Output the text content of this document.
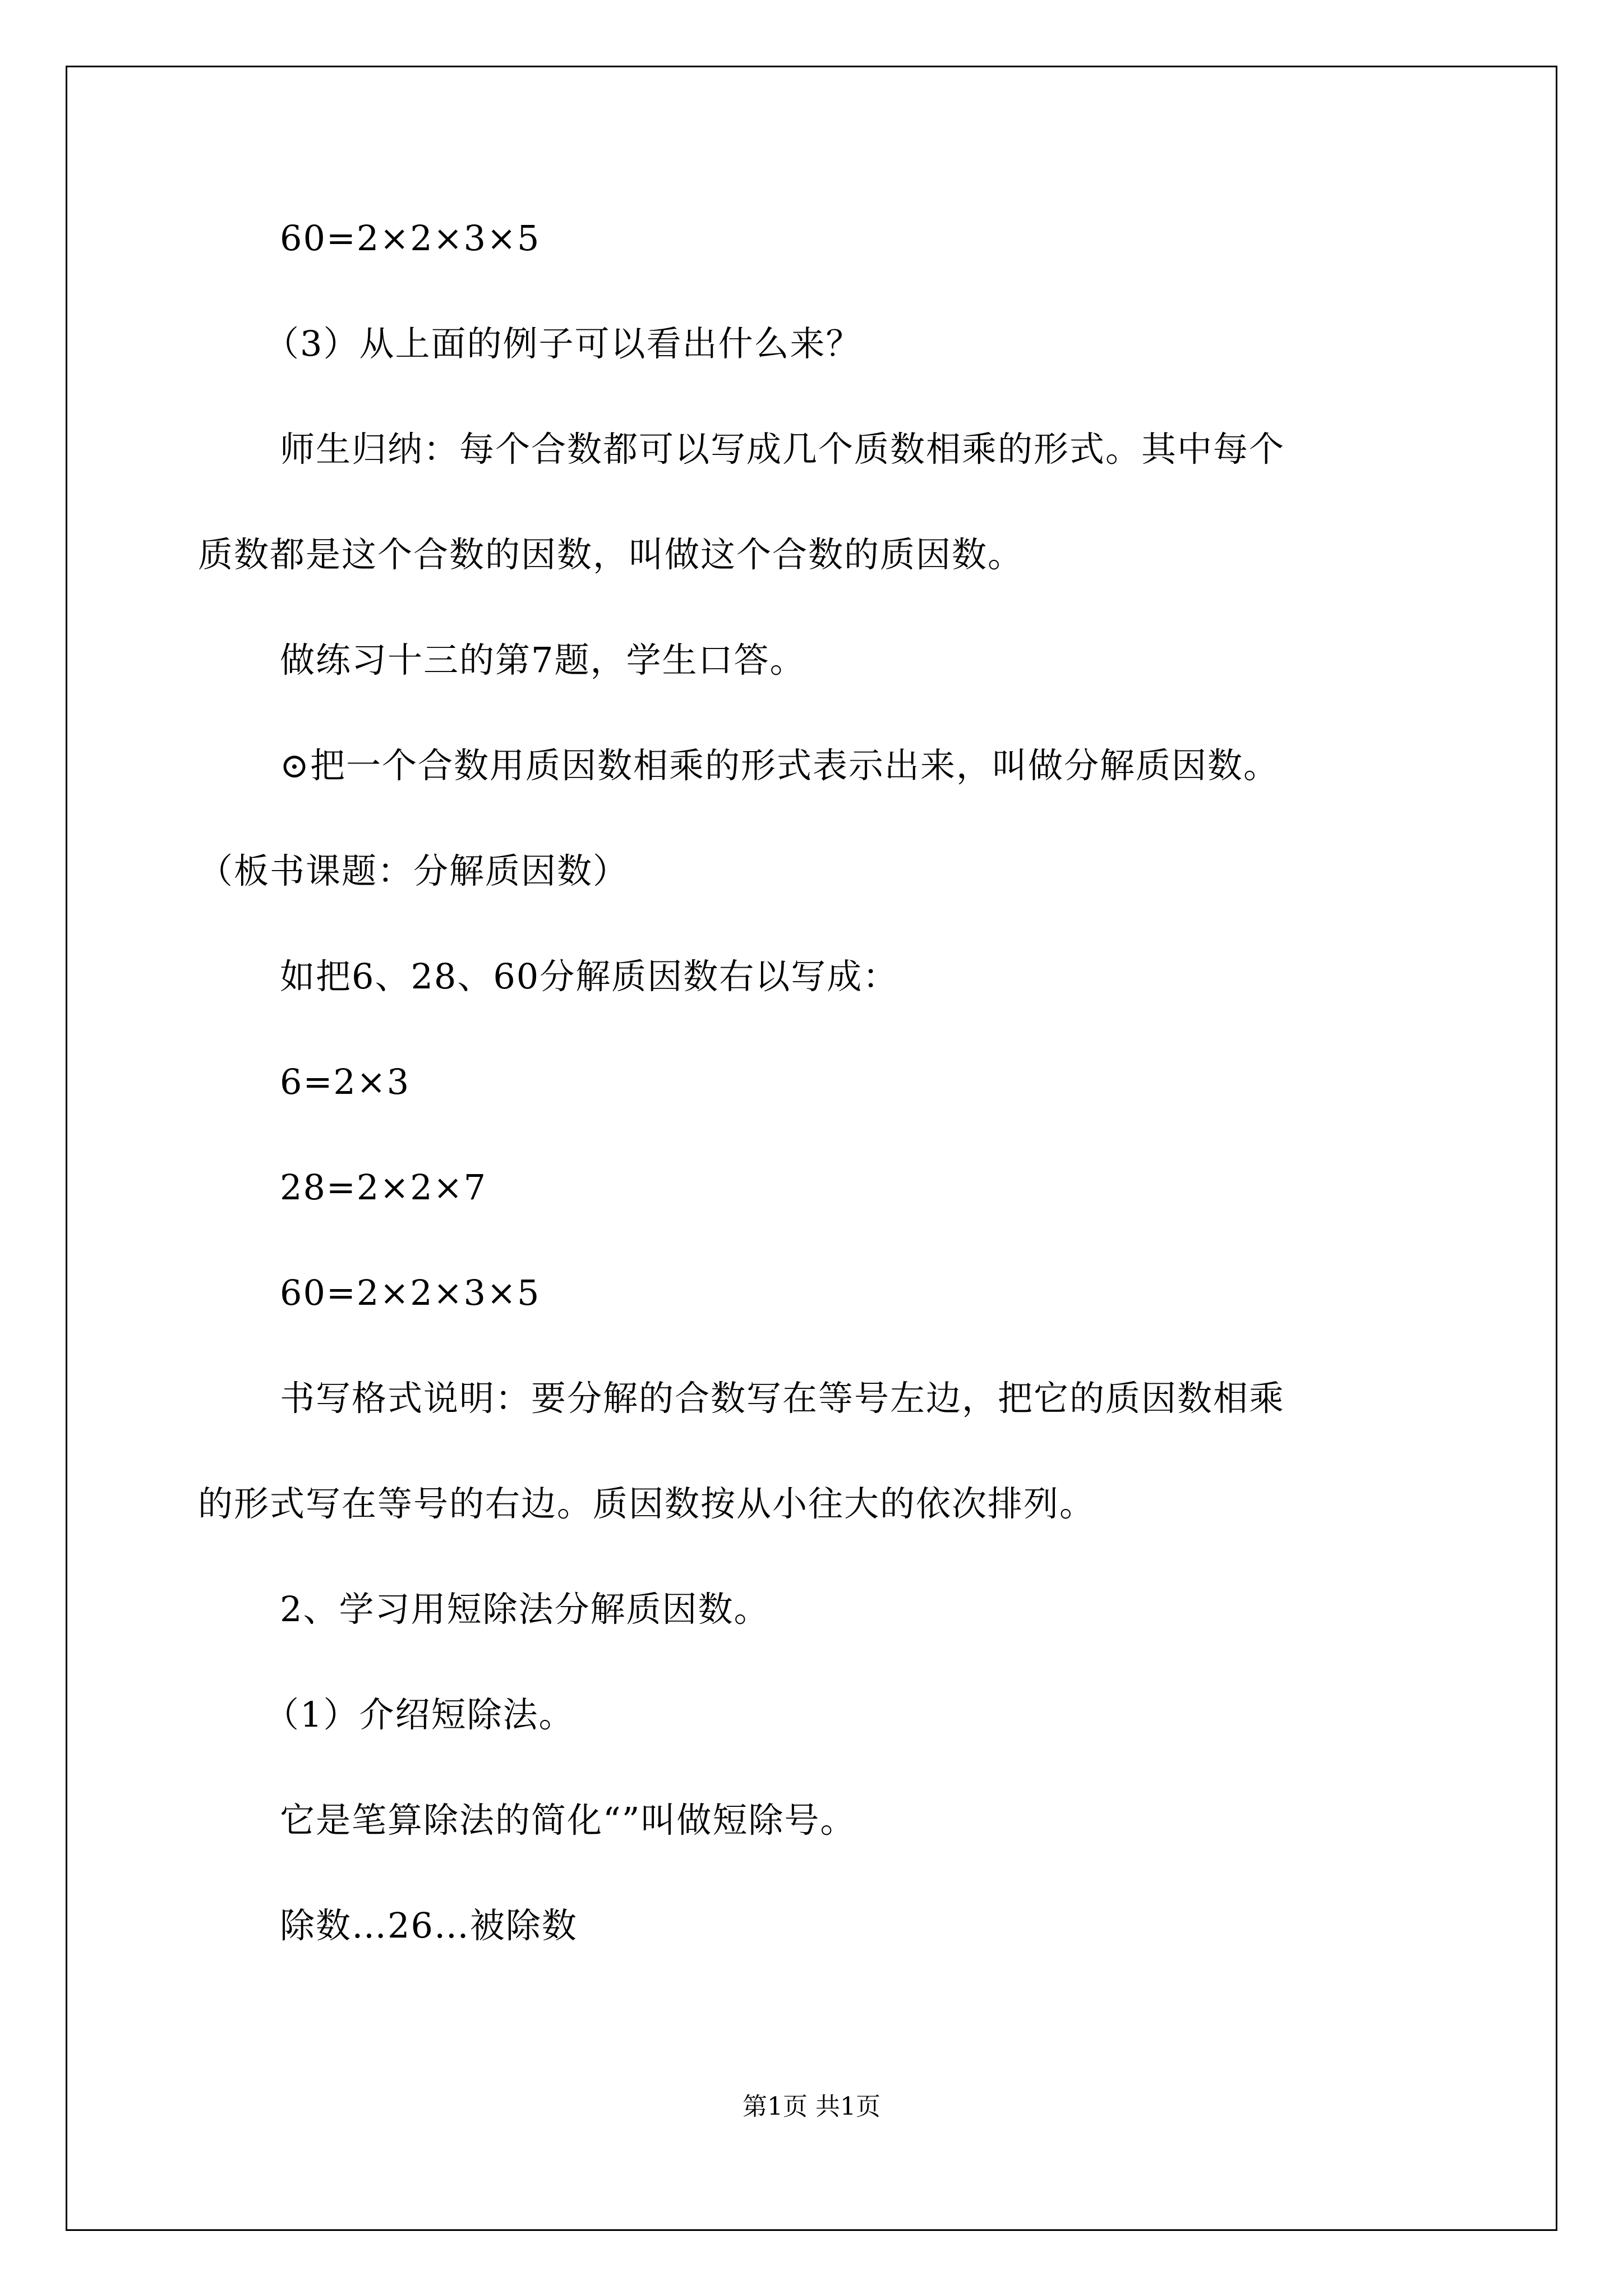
60=2×2×3×5
（3）从上面的例子可以看出什么来？
师生归纳：每个合数都可以写成几个质数相乘的形式。其中每个
质数都是这个合数的因数，叫做这个合数的质因数。
做练习十三的第7题，学生口答。
⊙把一个合数用质因数相乘的形式表示出来，叫做分解质因数。
（板书课题：分解质因数）
如把6、28、60分解质因数右以写成：
6=2×3
28=2×2×7
60=2×2×3×5
书写格式说明：要分解的合数写在等号左边，把它的质因数相乘
的形式写在等号的右边。质因数按从小往大的依次排列。
2、学习用短除法分解质因数。
（1）介绍短除法。
它是笔算除法的简化“”叫做短除号。
除数…26…被除数
第1页 共1页
